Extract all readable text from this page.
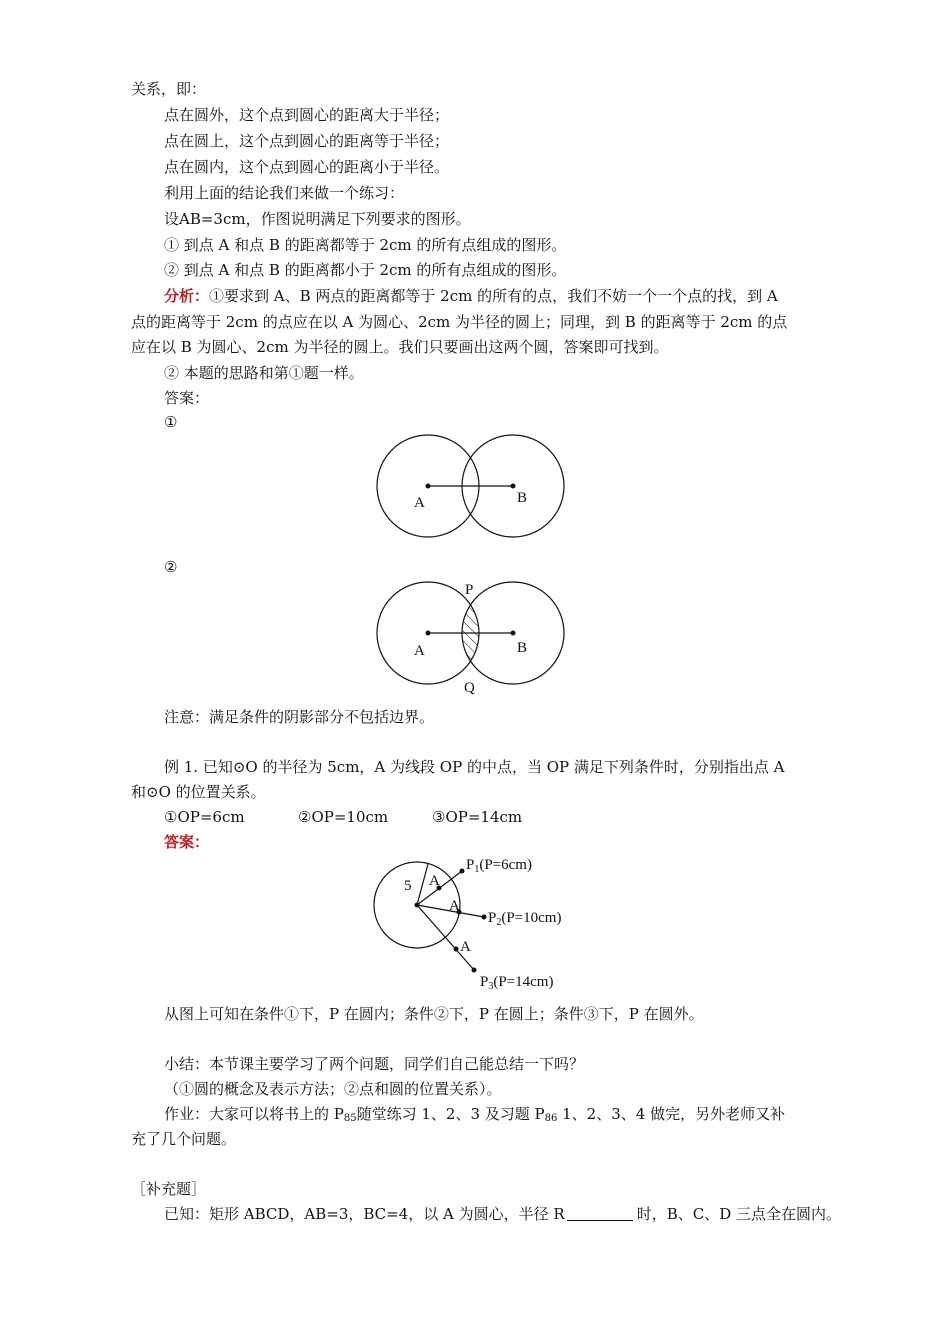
关系，即：
点在圆外，这个点到圆心的距离大于半径；
点在圆上，这个点到圆心的距离等于半径；
点在圆内，这个点到圆心的距离小于半径。
利用上面的结论我们来做一个练习：
设AB=3cm，作图说明满足下列要求的图形。
① 到点 A 和点 B 的距离都等于 2cm 的所有点组成的图形。
② 到点 A 和点 B 的距离都小于 2cm 的所有点组成的图形。
分析：①要求到 A、B 两点的距离都等于 2cm 的所有的点，我们不妨一个一个点的找，到 A
点的距离等于 2cm 的点应在以 A 为圆心、2cm 为半径的圆上；同理，到 B 的距离等于 2cm 的点
应在以 B 为圆心、2cm 为半径的圆上。我们只要画出这两个圆，答案即可找到。
② 本题的思路和第①题一样。
答案：
①
A	B
②
P
A	B
Q
注意：满足条件的阴影部分不包括边界。
例 1. 已知⊙O 的半径为 5cm，A 为线段 OP 的中点，当 OP 满足下列条件时，分别指出点 A
和⊙O 的位置关系。
①OP=6cm	②OP=10cm	③OP=14cm
答案：
5 A
A
A
$P_1(P=6cm)$
$P_2(P=10cm)$
$P_3(P=14cm)$
从图上可知在条件①下，P 在圆内；条件②下，P 在圆上；条件③下，P 在圆外。
小结：本节课主要学习了两个问题，同学们自己能总结一下吗？
（①圆的概念及表示方法；②点和圆的位置关系）。
作业：大家可以将书上的 $P_{85}$随堂练习 1、2、3 及习题 $P_{86}$ 1、2、3、4 做完，另外老师又补
充了几个问题。
［补充题］
已知：矩形 ABCD，AB=3，BC=4，以 A 为圆心，半径 R	时，B、C、D 三点全在圆内。
